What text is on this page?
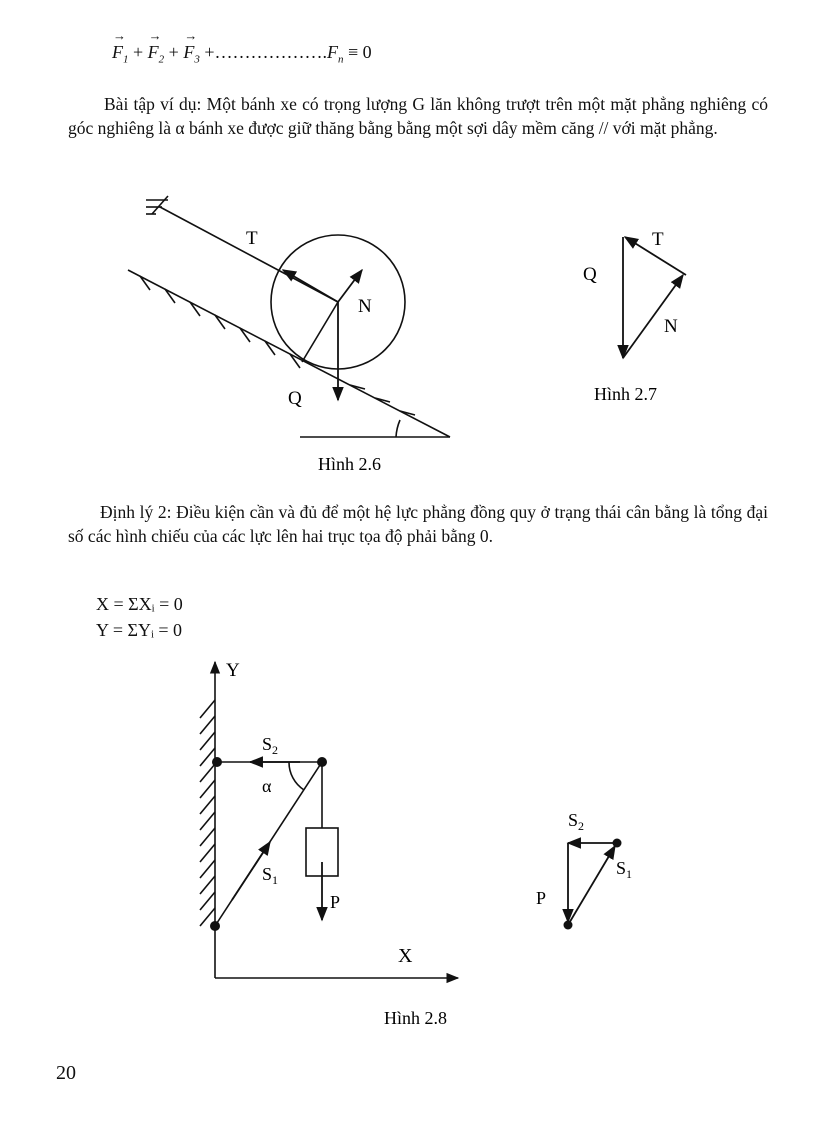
→
$F_1$ +
→
$F_2$ +
→
$F_3$ $+\dots\dots\dots\dots\dots\dots.F_n \equiv 0$
Bài tập ví dụ: Một bánh xe có trọng lượng G lăn không trượt trên một mặt phẳng nghiêng có góc nghiêng là α bánh xe được giữ thăng bằng bằng một sợi dây mềm căng // với mặt phẳng.
T
N
Q
Hình 2.6
T
Q
N
Hình 2.7
Định lý 2: Điều kiện cần và đủ để một hệ lực phẳng đồng quy ở trạng thái cân bằng là tổng đại số các hình chiếu của các lực lên hai trục tọa độ phải bằng 0.
X = ΣXᵢ = 0
Y = ΣYᵢ = 0
Y
X
$S_2$
α
$S_1$
P
$S_2$
$S_1$
P
Hình 2.8
20
